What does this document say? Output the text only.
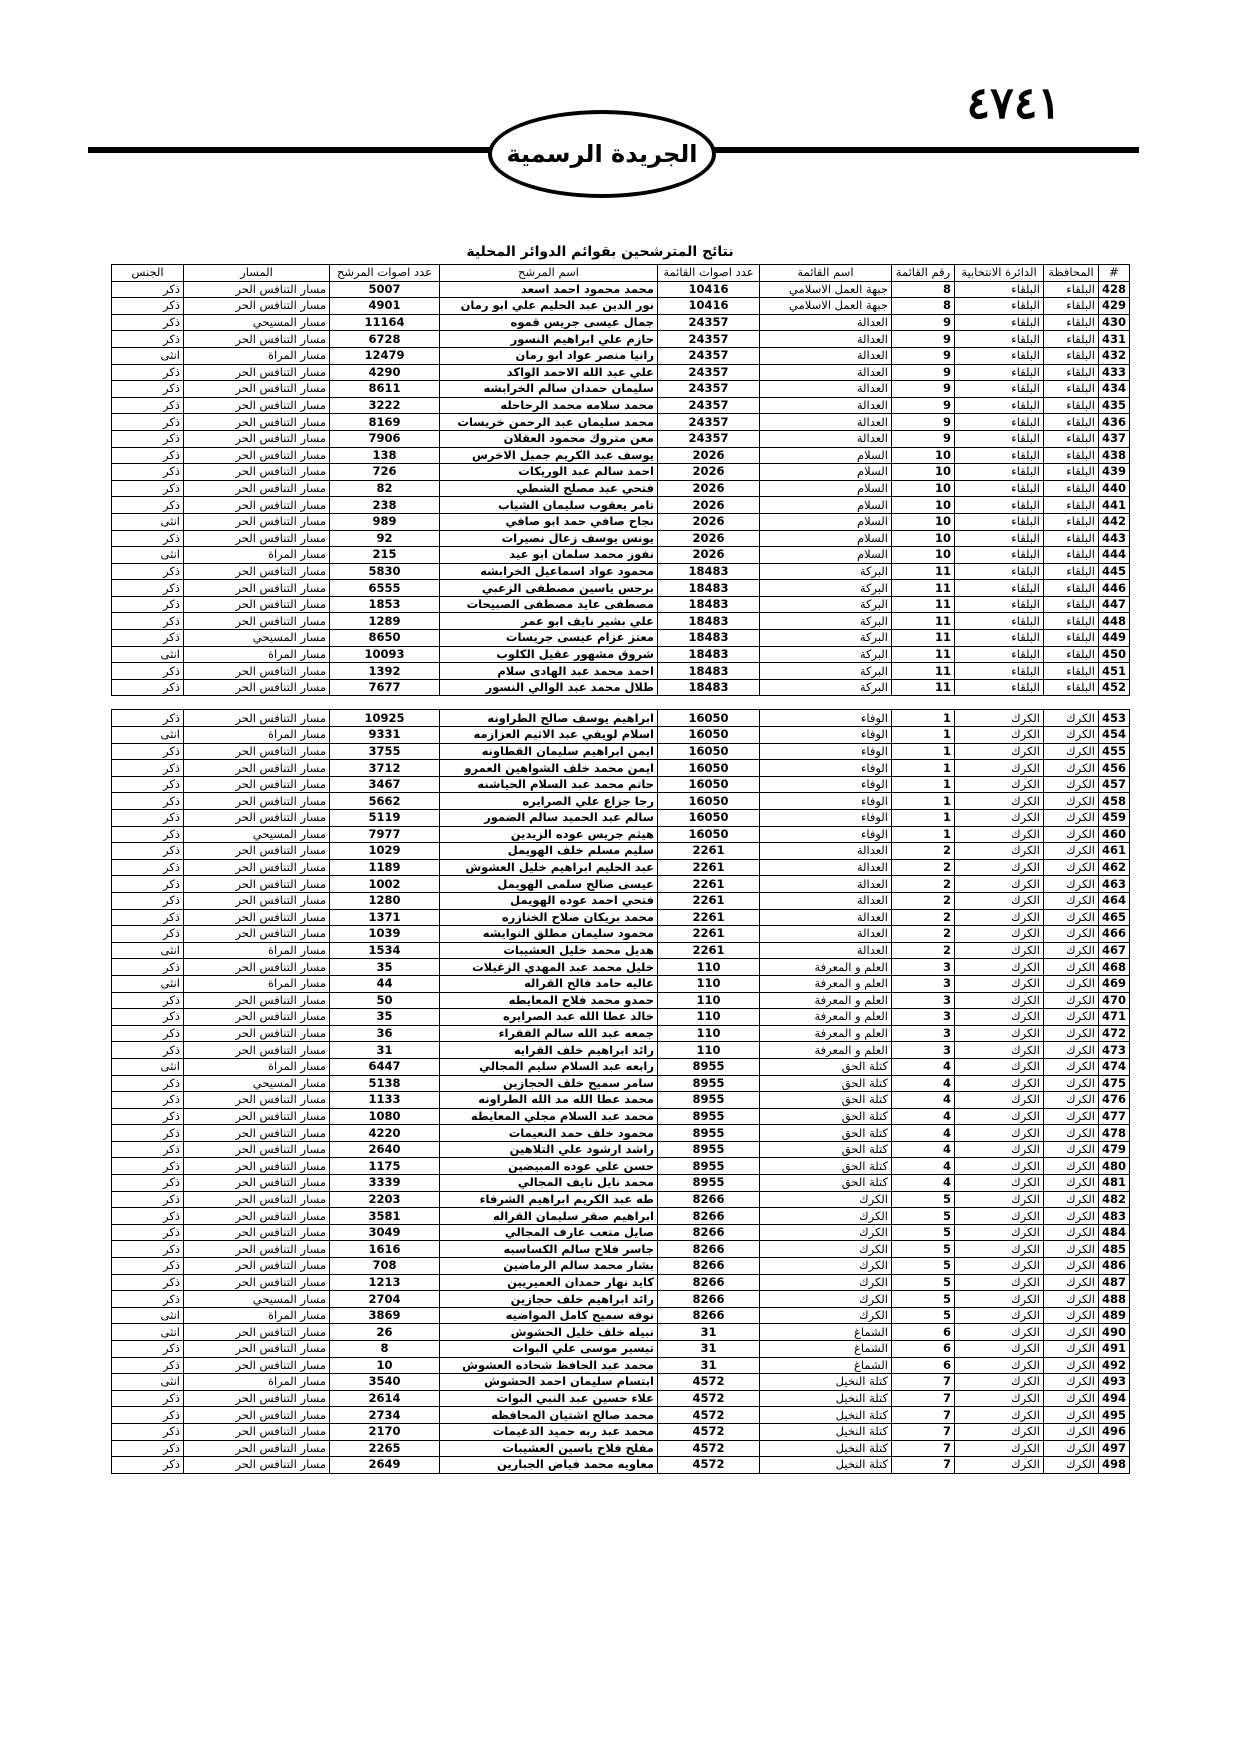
٤٧٤١
الجريدة الرسمية
نتائج المترشحين بقوائم الدوائر المحلية
#	المحافظة	الدائرة الانتخابية	رقم القائمة	اسم القائمة	عدد اصوات القائمة	اسم المرشح	عدد اصوات المرشح	المسار	الجنس
428	البلقاء	البلقاء	8	جبهة العمل الاسلامي	10416	محمد محمود احمد اسعد	5007	مسار التنافس الحر	ذكر
429	البلقاء	البلقاء	8	جبهة العمل الاسلامي	10416	نور الدين عبد الحليم علي ابو رمان	4901	مسار التنافس الحر	ذكر
430	البلقاء	البلقاء	9	العدالة	24357	جمال عيسى جريس قموه	11164	مسار المسيحي	ذكر
431	البلقاء	البلقاء	9	العدالة	24357	حازم علي ابراهيم النسور	6728	مسار التنافس الحر	ذكر
432	البلقاء	البلقاء	9	العدالة	24357	رانيا منصر عواد ابو رمان	12479	مسار المراة	انثى
433	البلقاء	البلقاء	9	العدالة	24357	علي عبد الله الاحمد الواكد	4290	مسار التنافس الحر	ذكر
434	البلقاء	البلقاء	9	العدالة	24357	سليمان حمدان سالم الخرابشه	8611	مسار التنافس الحر	ذكر
435	البلقاء	البلقاء	9	العدالة	24357	محمد سلامه محمد الرحاحله	3222	مسار التنافس الحر	ذكر
436	البلقاء	البلقاء	9	العدالة	24357	محمد سليمان عبد الرحمن خريسات	8169	مسار التنافس الحر	ذكر
437	البلقاء	البلقاء	9	العدالة	24357	معن متروك محمود العقلان	7906	مسار التنافس الحر	ذكر
438	البلقاء	البلقاء	10	السلام	2026	يوسف عبد الكريم جميل الاخرس	138	مسار التنافس الحر	ذكر
439	البلقاء	البلقاء	10	السلام	2026	احمد سالم عبد الوريكات	726	مسار التنافس الحر	ذكر
440	البلقاء	البلقاء	10	السلام	2026	فتحي عبد مصلح الشطي	82	مسار التنافس الحر	ذكر
441	البلقاء	البلقاء	10	السلام	2026	تامر يعقوب سليمان الشياب	238	مسار التنافس الحر	ذكر
442	البلقاء	البلقاء	10	السلام	2026	نجاح صافي حمد ابو صافي	989	مسار التنافس الحر	انثى
443	البلقاء	البلقاء	10	السلام	2026	يونس يوسف زعال نصيرات	92	مسار التنافس الحر	ذكر
444	البلقاء	البلقاء	10	السلام	2026	نفوز محمد سلمان ابو عيد	215	مسار المراة	انثى
445	البلقاء	البلقاء	11	البركة	18483	محمود عواد اسماعيل الخرابشه	5830	مسار التنافس الحر	ذكر
446	البلقاء	البلقاء	11	البركة	18483	برجس ياسين مصطفى الزعبي	6555	مسار التنافس الحر	ذكر
447	البلقاء	البلقاء	11	البركة	18483	مصطفى عايد مصطفى الصبيحات	1853	مسار التنافس الحر	ذكر
448	البلقاء	البلقاء	11	البركة	18483	علي بشير نايف ابو عمر	1289	مسار التنافس الحر	ذكر
449	البلقاء	البلقاء	11	البركة	18483	معتز عزام عيسى جريسات	8650	مسار المسيحي	ذكر
450	البلقاء	البلقاء	11	البركة	18483	شروق مشهور عقيل الكلوب	10093	مسار المراة	انثى
451	البلقاء	البلقاء	11	البركة	18483	احمد محمد عبد الهادى سلام	1392	مسار التنافس الحر	ذكر
452	البلقاء	البلقاء	11	البركة	18483	طلال محمد عبد الوالي النسور	7677	مسار التنافس الحر	ذكر

453	الكرك	الكرك	1	الوفاء	16050	ابراهيم يوسف صالح الطراونه	10925	مسار التنافس الحر	ذكر
454	الكرك	الكرك	1	الوفاء	16050	اسلام لويفي عبد الاثيم العزازمه	9331	مسار المراة	انثى
455	الكرك	الكرك	1	الوفاء	16050	ايمن ابراهيم سليمان القطاونه	3755	مسار التنافس الحر	ذكر
456	الكرك	الكرك	1	الوفاء	16050	ايمن محمد خلف الشواهين العمرو	3712	مسار التنافس الحر	ذكر
457	الكرك	الكرك	1	الوفاء	16050	حاتم محمد عبد السلام الحياشنه	3467	مسار التنافس الحر	ذكر
458	الكرك	الكرك	1	الوفاء	16050	رجا جزاع علي الصرايره	5662	مسار التنافس الحر	ذكر
459	الكرك	الكرك	1	الوفاء	16050	سالم عبد الحميد سالم الضمور	5119	مسار التنافس الحر	ذكر
460	الكرك	الكرك	1	الوفاء	16050	هيثم جريس عوده الزيدين	7977	مسار المسيحي	ذكر
461	الكرك	الكرك	2	العدالة	2261	سليم مسلم خلف الهويمل	1029	مسار التنافس الحر	ذكر
462	الكرك	الكرك	2	العدالة	2261	عبد الحليم ابراهيم خليل العشوش	1189	مسار التنافس الحر	ذكر
463	الكرك	الكرك	2	العدالة	2261	عيسى صالح سلمى الهويمل	1002	مسار التنافس الحر	ذكر
464	الكرك	الكرك	2	العدالة	2261	فتحي احمد عوده الهويمل	1280	مسار التنافس الحر	ذكر
465	الكرك	الكرك	2	العدالة	2261	محمد بريكان صلاح الخنازره	1371	مسار التنافس الحر	ذكر
466	الكرك	الكرك	2	العدالة	2261	محمود سليمان مطلق النوايشه	1039	مسار التنافس الحر	ذكر
467	الكرك	الكرك	2	العدالة	2261	هديل محمد خليل العشيبات	1534	مسار المراة	انثى
468	الكرك	الكرك	3	العلم و المعرفة	110	خليل محمد عبد المهدي الزغيلات	35	مسار التنافس الحر	ذكر
469	الكرك	الكرك	3	العلم و المعرفة	110	عاليه حامد فالح القراله	44	مسار المراة	انثى
470	الكرك	الكرك	3	العلم و المعرفة	110	حمدو محمد فلاح المعايطه	50	مسار التنافس الحر	ذكر
471	الكرك	الكرك	3	العلم و المعرفة	110	خالد عطا الله عبد الصرايره	35	مسار التنافس الحر	ذكر
472	الكرك	الكرك	3	العلم و المعرفة	110	جمعه عبد الله سالم الفقراء	36	مسار التنافس الحر	ذكر
473	الكرك	الكرك	3	العلم و المعرفة	110	رائد ابراهيم خلف القرايه	31	مسار التنافس الحر	ذكر
474	الكرك	الكرك	4	كتلة الحق	8955	رابعه عبد السلام سليم المجالي	6447	مسار المراة	انثى
475	الكرك	الكرك	4	كتلة الحق	8955	سامر سميح خلف الحجازين	5138	مسار المسيحي	ذكر
476	الكرك	الكرك	4	كتلة الحق	8955	محمد عطا الله مد الله الطراونه	1133	مسار التنافس الحر	ذكر
477	الكرك	الكرك	4	كتلة الحق	8955	محمد عبد السلام مجلي المعايطه	1080	مسار التنافس الحر	ذكر
478	الكرك	الكرك	4	كتلة الحق	8955	محمود خلف حمد النعيمات	4220	مسار التنافس الحر	ذكر
479	الكرك	الكرك	4	كتلة الحق	8955	راشد ارشود علي التلاهين	2640	مسار التنافس الحر	ذكر
480	الكرك	الكرك	4	كتلة الحق	8955	حسن علي عوده المبيضين	1175	مسار التنافس الحر	ذكر
481	الكرك	الكرك	4	كتلة الحق	8955	محمد نايل نايف المجالي	3339	مسار التنافس الحر	ذكر
482	الكرك	الكرك	5	الكرك	8266	طه عبد الكريم ابراهيم الشرفاء	2203	مسار التنافس الحر	ذكر
483	الكرك	الكرك	5	الكرك	8266	ابراهيم صقر سليمان القراله	3581	مسار التنافس الحر	ذكر
484	الكرك	الكرك	5	الكرك	8266	صايل متعب عارف المجالي	3049	مسار التنافس الحر	ذكر
485	الكرك	الكرك	5	الكرك	8266	جاسر فلاح سالم الكساسبه	1616	مسار التنافس الحر	ذكر
486	الكرك	الكرك	5	الكرك	8266	بشار محمد سالم الرماضين	708	مسار التنافس الحر	ذكر
487	الكرك	الكرك	5	الكرك	8266	كايد نهار حمدان العميريين	1213	مسار التنافس الحر	ذكر
488	الكرك	الكرك	5	الكرك	8266	رائد ابراهيم خلف حجازين	2704	مسار المسيحي	ذكر
489	الكرك	الكرك	5	الكرك	8266	نوفه سميح كامل المواضيه	3869	مسار المراة	انثى
490	الكرك	الكرك	6	الشماغ	31	نبيله خلف خليل الحشوش	26	مسار التنافس الحر	انثى
491	الكرك	الكرك	6	الشماغ	31	تيسير موسى علي البوات	8	مسار التنافس الحر	ذكر
492	الكرك	الكرك	6	الشماغ	31	محمد عبد الحافظ شحاده العشوش	10	مسار التنافس الحر	ذكر
493	الكرك	الكرك	7	كتلة النخيل	4572	ابتسام سليمان احمد الحشوش	3540	مسار المراة	انثى
494	الكرك	الكرك	7	كتلة النخيل	4572	علاء حسين عبد النبي البوات	2614	مسار التنافس الحر	ذكر
495	الكرك	الكرك	7	كتلة النخيل	4572	محمد صالح اشتيان المحافظه	2734	مسار التنافس الحر	ذكر
496	الكرك	الكرك	7	كتلة النخيل	4572	محمد عبد ربه حميد الدغيمات	2170	مسار التنافس الحر	ذكر
497	الكرك	الكرك	7	كتلة النخيل	4572	مفلح فلاح ياسين العشيبات	2265	مسار التنافس الحر	ذكر
498	الكرك	الكرك	7	كتلة النخيل	4572	معاويه محمد فياض الجبارين	2649	مسار التنافس الحر	ذكر
